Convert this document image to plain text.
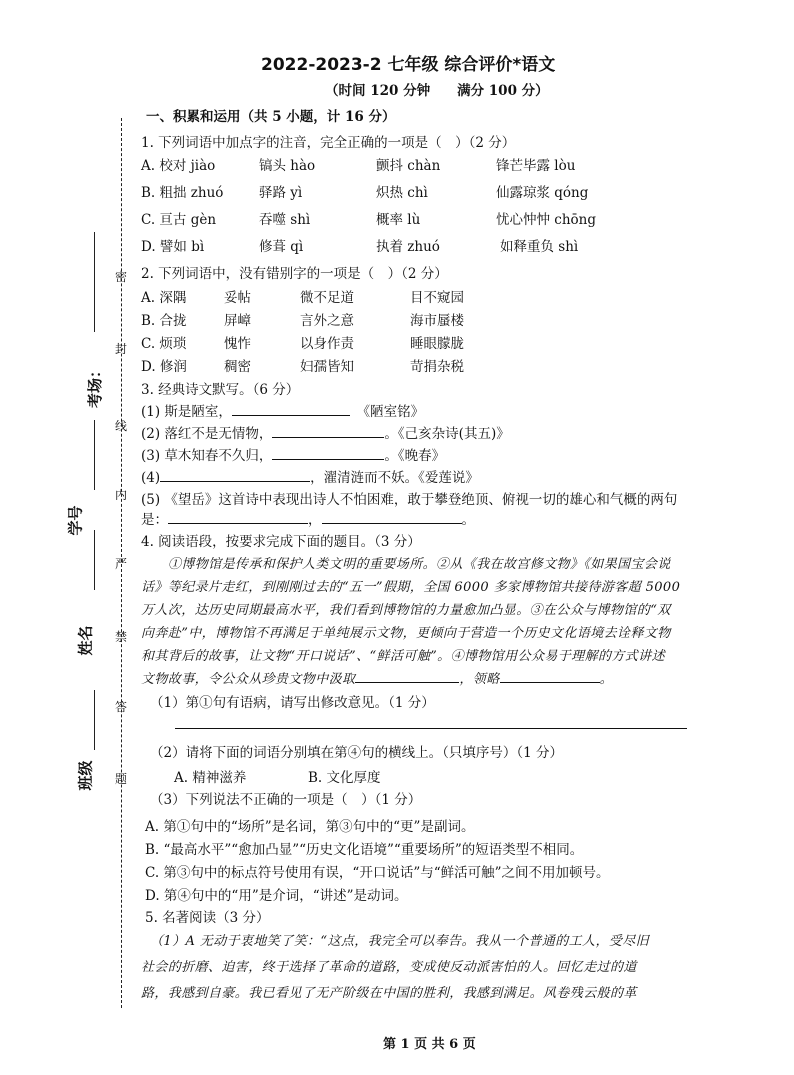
2022-2023-2 七年级 综合评价*语文
（时间 120 分钟　　满分 100 分）
考场：
学号
姓名
班级
密
封
线
内
严
禁
答
题
一、积累和运用（共 5 小题，计 16 分）
1. 下列词语中加点字的注音，完全正确的一项是（　）（2 分）
A. 校对 jiào	镐头 hào	颤抖 chàn	锋芒毕露 lòu
B. 粗拙 zhuó	驿路 yì	炽热 chì	仙露琼浆 qóng
C. 亘古 gèn	吞噬 shì	概率 lù	忧心忡忡 chōng
D. 譬如 bì	修葺 qì	执着 zhuó	如释重负 shì
2. 下列词语中，没有错别字的一项是（　）（2 分）
A. 深隅	妥帖	微不足道	目不窥园
B. 合拢	屏嶂	言外之意	海市蜃楼
C. 烦琐	愧怍	以身作责	睡眼朦胧
D. 修润	稠密	妇孺皆知	苛捐杂税
3. 经典诗文默写。（6 分）
(1) 斯是陋室，　	《陋室铭》
(2) 落红不是无情物，	。《己亥杂诗(其五)》
(3) 草木知春不久归，	。《晚春》
(4)	，濯清涟而不妖。《爱莲说》
(5) 《望岳》这首诗中表现出诗人不怕困难，敢于攀登绝顶、俯视一切的雄心和气概的两句
是：	，	。
4. 阅读语段，按要求完成下面的题目。（3 分）
①博物馆是传承和保护人类文明的重要场所。②从《我在故宫修文物》《如果国宝会说
话》等纪录片走红，到刚刚过去的“五一”假期，全国 6000 多家博物馆共接待游客超 5000
万人次，达历史同期最高水平，我们看到博物馆的力量愈加凸显。③在公众与博物馆的“双
向奔赴”中，博物馆不再满足于单纯展示文物，更倾向于营造一个历史文化语境去诠释文物
和其背后的故事，让文物“开口说话”、“鲜活可触”。④博物馆用公众易于理解的方式讲述
文物故事，令公众从珍贵文物中汲取	，领略	。
（1）第①句有语病，请写出修改意见。（1 分）
（2）请将下面的词语分别填在第④句的横线上。（只填序号）（1 分）
A. 精神滋养	B. 文化厚度
（3）下列说法不正确的一项是（　）（1 分）
A. 第①句中的“场所”是名词，第③句中的“更”是副词。
B. “最高水平”“愈加凸显”“历史文化语境”“重要场所”的短语类型不相同。
C. 第③句中的标点符号使用有误，“开口说话”与“鲜活可触”之间不用加顿号。
D. 第④句中的“用”是介词，“讲述”是动词。
5. 名著阅读（3 分）
（1）A 无动于衷地笑了笑：“这点，我完全可以奉告。我从一个普通的工人，受尽旧
社会的折磨、迫害，终于选择了革命的道路，变成使反动派害怕的人。回忆走过的道
路，我感到自豪。我已看见了无产阶级在中国的胜利，我感到满足。风卷残云般的革
第 1 页 共 6 页
